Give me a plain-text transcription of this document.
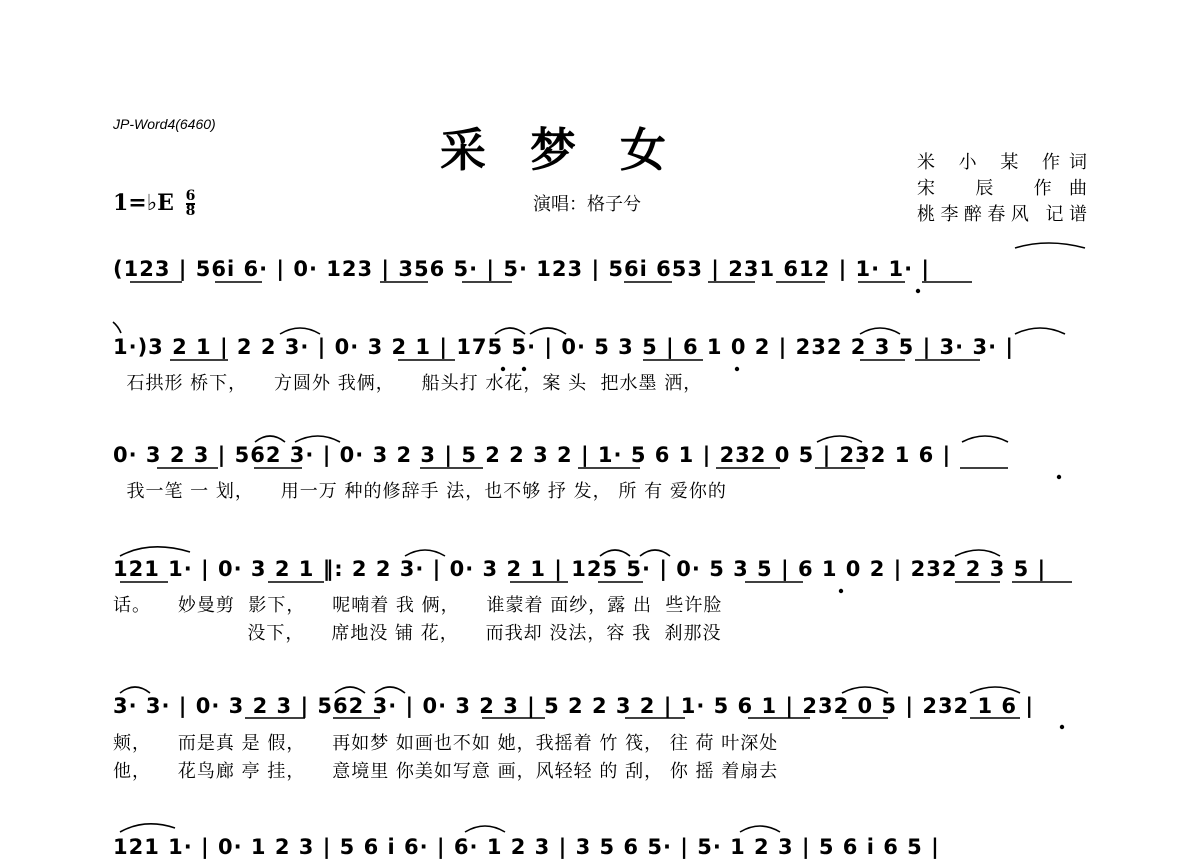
JP-Word4(6460)	采梦女
1=♭E $\frac{6}{8}$	演唱：格子兮
米 小 某 作词
宋 辰 作曲
桃李醉春风 记谱
(123 | 56i 6· | 0· 123 | 356 5· | 5· 123 | 56i 653 | 231 612 | 1· 1· |
1·)3 2 1 | 2 2 3· | 0· 3 2 1 | 175 5· | 0· 5 3 5 | 6 1 0 2 | 232 2 3 5 | 3· 3· |
石拱形 桥下，    方圆外 我俩，    船头打 水花，案 头  把水墨 洒，
0· 3 2 3 | 562 3· | 0· 3 2 3 | 5 2 2 3 2 | 1· 5 6 1 | 232 0 5 | 232 1 6 |
我一笔 一 划，    用一万 种的修辞手 法，也不够 抒 发， 所 有 爱你的
121 1· | 0· 3 2 1 ‖: 2 2 3· | 0· 3 2 1 | 125 5· | 0· 5 3 5 | 6 1 0 2 | 232 2 3 5 |
话。    妙曼剪  影下，    呢喃着 我 俩，    谁蒙着 面纱，露 出  些许脸
没下，    席地没 铺 花，    而我却 没法，容 我  刹那没
3· 3· | 0· 3 2 3 | 562 3· | 0· 3 2 3 | 5 2 2 3 2 | 1· 5 6 1 | 232 0 5 | 232 1 6 |
颊，    而是真 是 假，    再如梦 如画也不如 她，我摇着 竹 筏， 往 荷 叶深处
他，    花鸟廊 亭 挂，    意境里 你美如写意 画，风轻轻 的 刮， 你 摇 着扇去
121 1· | 0· 1 2 3 | 5 6 i 6· | 6· 1 2 3 | 3 5 6 5· | 5· 1 2 3 | 5 6 i 6 5 |
